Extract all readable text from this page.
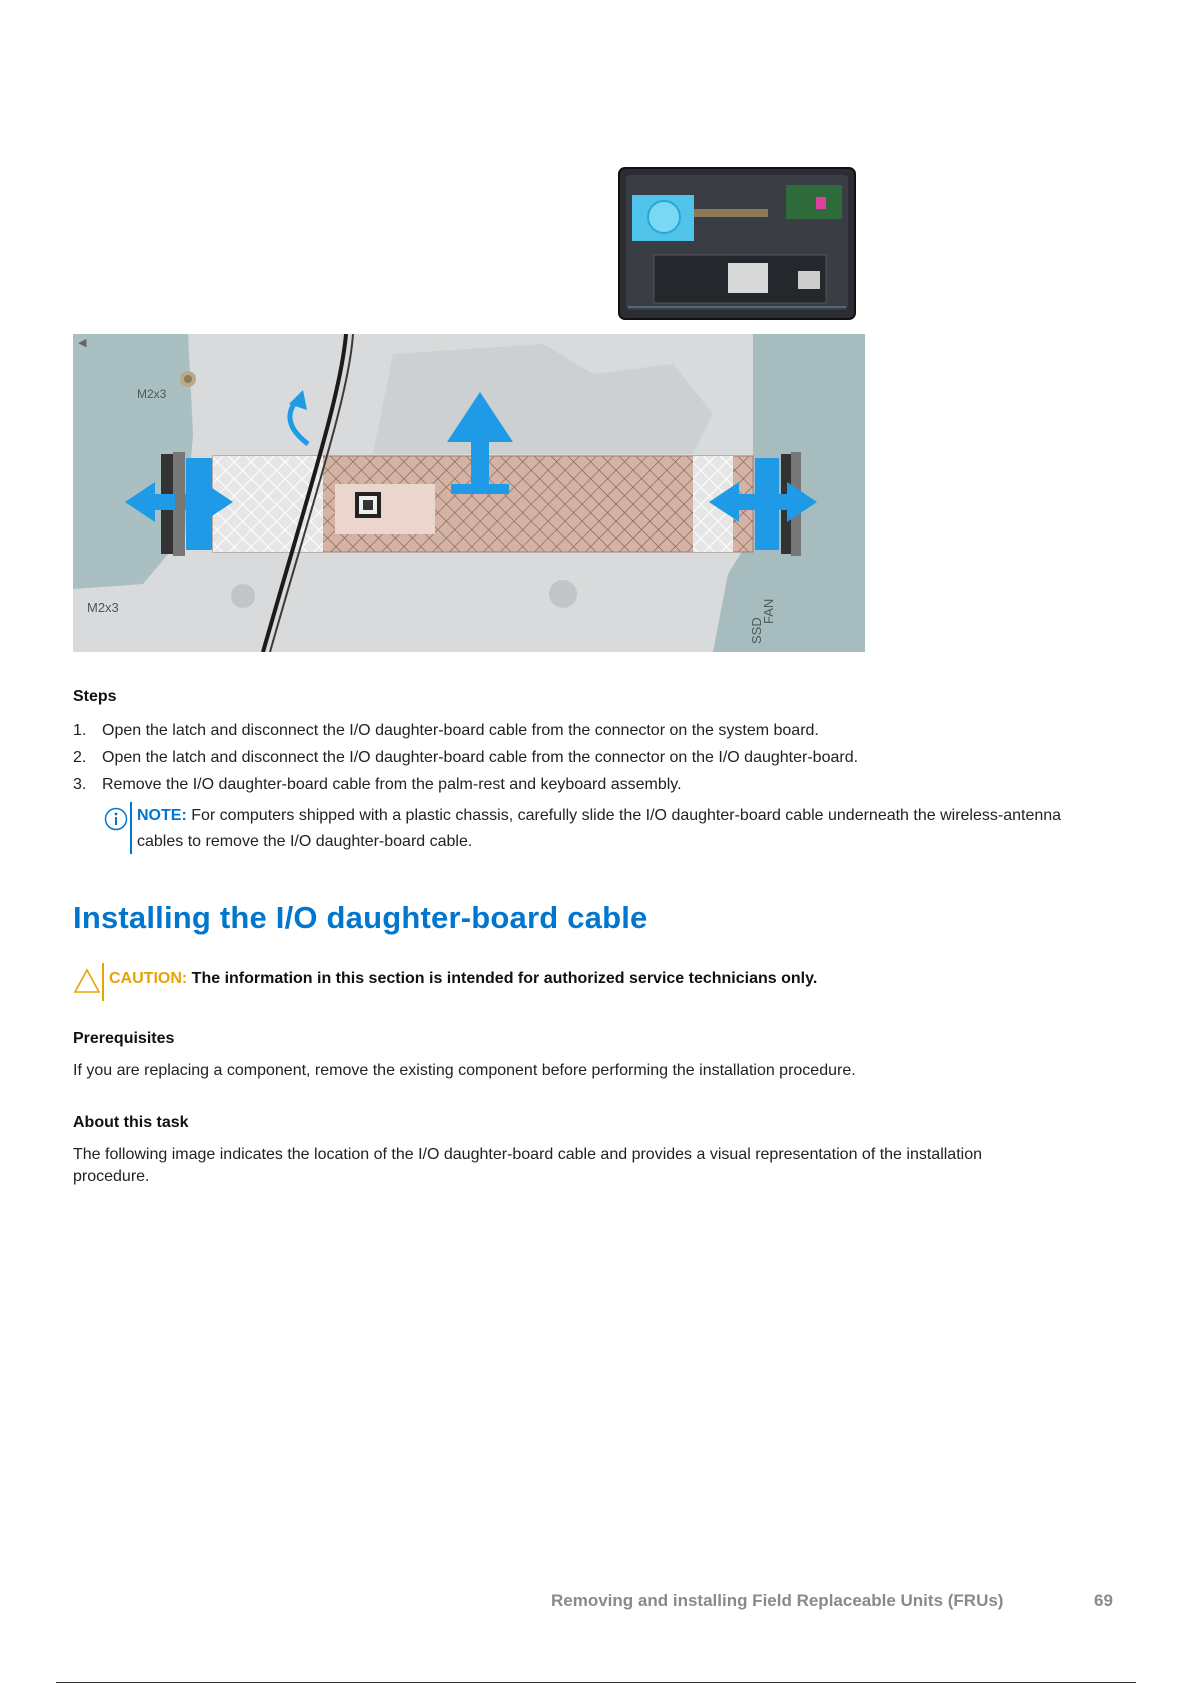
M2x3
M2x3	FAN
SSD
◀
Steps
1. Open the latch and disconnect the I/O daughter-board cable from the connector on the system board.
2. Open the latch and disconnect the I/O daughter-board cable from the connector on the I/O daughter-board.
3. Remove the I/O daughter-board cable from the palm-rest and keyboard assembly.
NOTE: For computers shipped with a plastic chassis, carefully slide the I/O daughter-board cable underneath the wireless-antenna cables to remove the I/O daughter-board cable.
Installing the I/O daughter-board cable
CAUTION: The information in this section is intended for authorized service technicians only.
Prerequisites
If you are replacing a component, remove the existing component before performing the installation procedure.
About this task
The following image indicates the location of the I/O daughter-board cable and provides a visual representation of the installation procedure.
Removing and installing Field Replaceable Units (FRUs)	69
